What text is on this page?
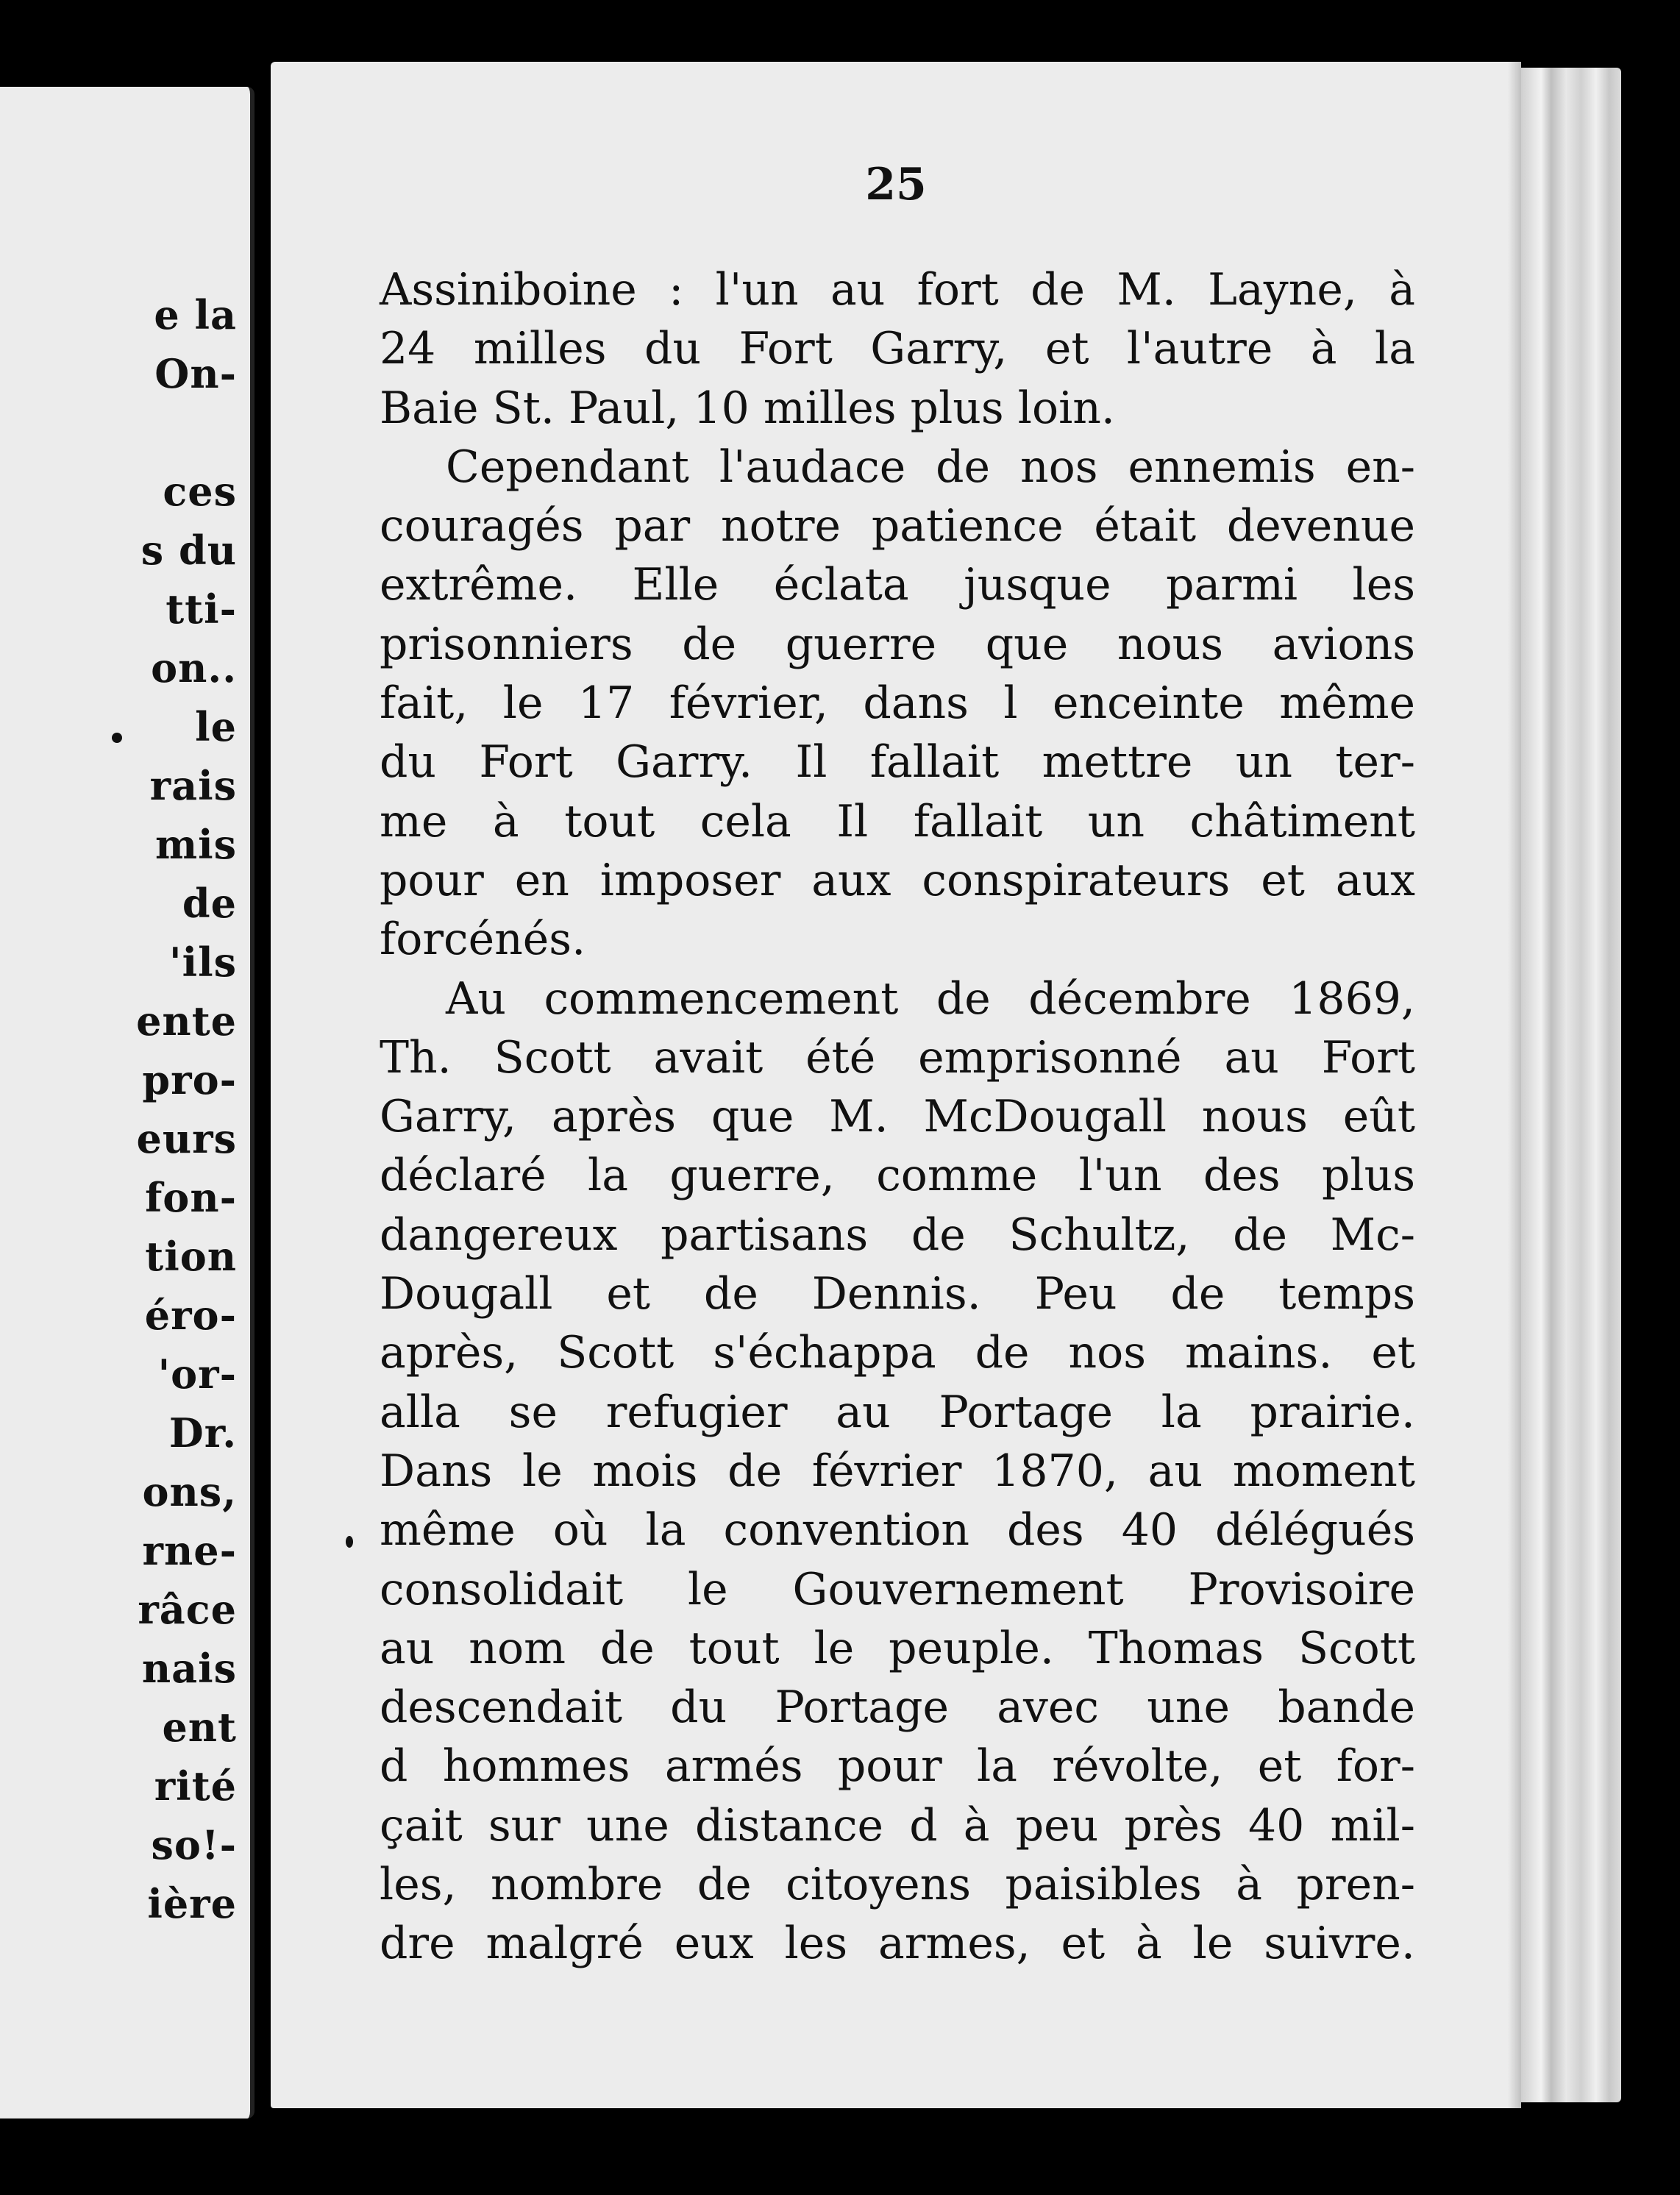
e la
On-
ces
s du
tti-
on..
le
rais
mis
de
'ils
ente
pro-
eurs
fon-
tion
éro-
'or-
Dr.
ons,
rne-
râce
nais
ent
rité
so!-
ière
25
Assiniboine : l'un au fort de M. Layne, à
24 milles du Fort Garry, et l'autre à la
Baie St. Paul, 10 milles plus loin.
Cependant l'audace de nos ennemis en-
couragés par notre patience était devenue
extrême. Elle éclata jusque parmi les
prisonniers de guerre que nous avions
fait, le 17 février, dans l enceinte même
du Fort Garry. Il fallait mettre un ter-
me à tout cela Il fallait un châtiment
pour en imposer aux conspirateurs et aux
forcénés.
Au commencement de décembre 1869,
Th. Scott avait été emprisonné au Fort
Garry, après que M. McDougall nous eût
déclaré la guerre, comme l'un des plus
dangereux partisans de Schultz, de Mc-
Dougall et de Dennis. Peu de temps
après, Scott s'échappa de nos mains. et
alla se refugier au Portage la prairie.
Dans le mois de février 1870, au moment
même où la convention des 40 délégués
consolidait le Gouvernement Provisoire
au nom de tout le peuple. Thomas Scott
descendait du Portage avec une bande
d hommes armés pour la révolte, et for-
çait sur une distance d à peu près 40 mil-
les, nombre de citoyens paisibles à pren-
dre malgré eux les armes, et à le suivre.
